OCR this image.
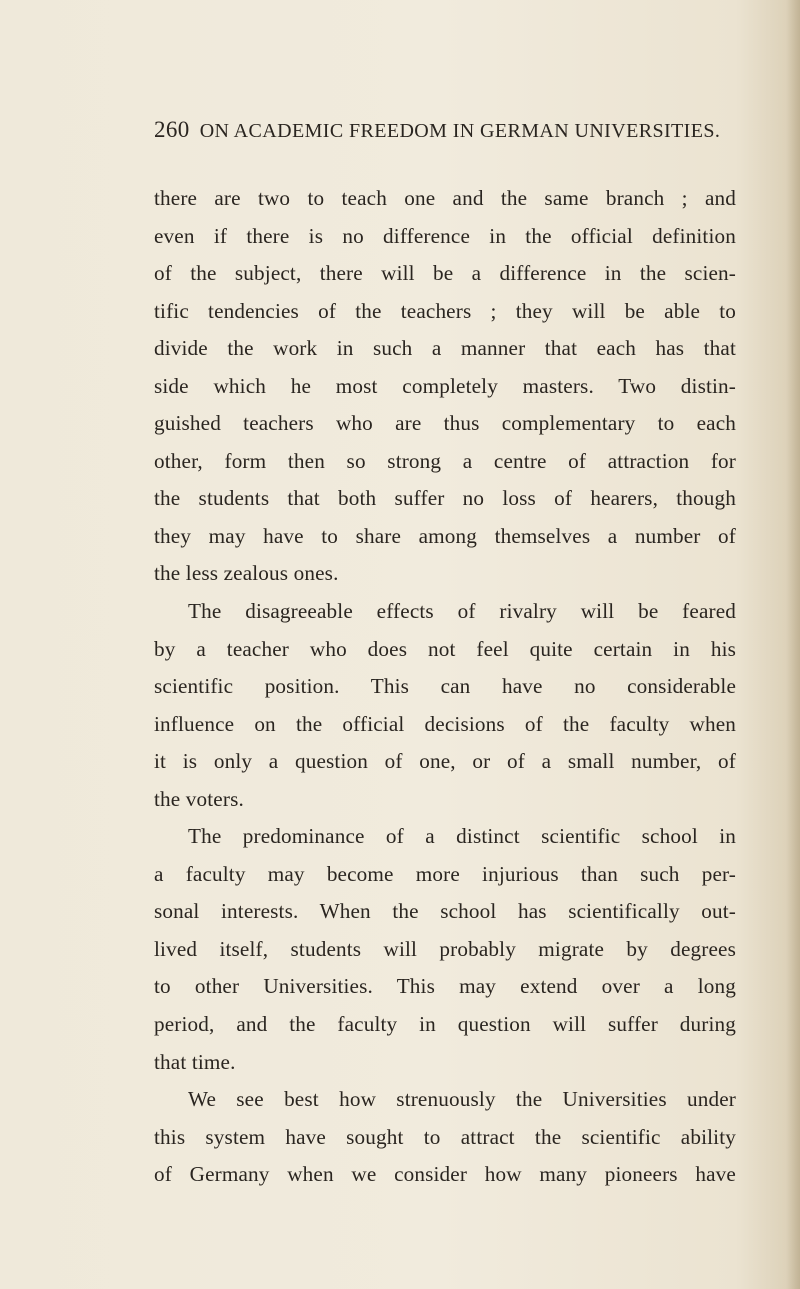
260 ON ACADEMIC FREEDOM IN GERMAN UNIVERSITIES.
there are two to teach one and the same branch ; and
even if there is no difference in the official definition
of the subject, there will be a difference in the scien-
tific tendencies of the teachers ; they will be able to
divide the work in such a manner that each has that
side which he most completely masters. Two distin-
guished teachers who are thus complementary to each
other, form then so strong a centre of attraction for
the students that both suffer no loss of hearers, though
they may have to share among themselves a number of
the less zealous ones.
The disagreeable effects of rivalry will be feared
by a teacher who does not feel quite certain in his
scientific position. This can have no considerable
influence on the official decisions of the faculty when
it is only a question of one, or of a small number, of
the voters.
The predominance of a distinct scientific school in
a faculty may become more injurious than such per-
sonal interests. When the school has scientifically out-
lived itself, students will probably migrate by degrees
to other Universities. This may extend over a long
period, and the faculty in question will suffer during
that time.
We see best how strenuously the Universities under
this system have sought to attract the scientific ability
of Germany when we consider how many pioneers have
